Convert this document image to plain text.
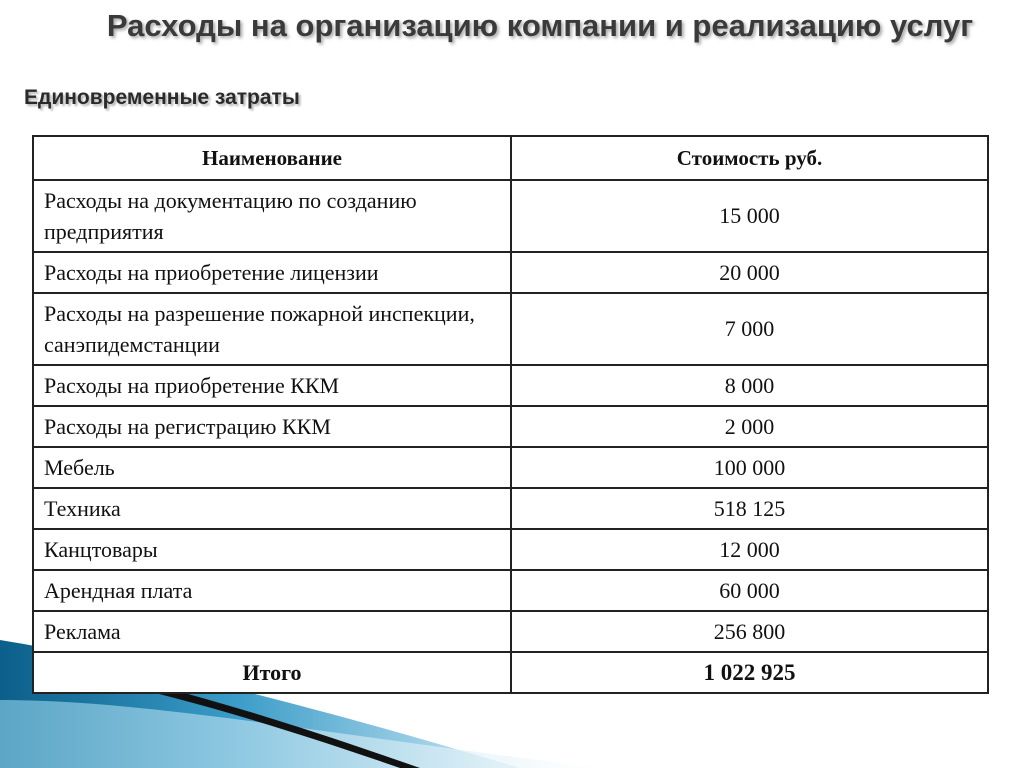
Расходы на организацию компании и реализацию услуг
Единовременные затраты
Наименование	Стоимость руб.
Расходы на документацию по созданию предприятия	15 000
Расходы на приобретение лицензии	20 000
Расходы на разрешение пожарной инспекции, санэпидемстанции	7 000
Расходы на приобретение ККМ	8 000
Расходы на регистрацию ККМ	2 000
Мебель	100 000
Техника	518 125
Канцтовары	12 000
Арендная плата	60 000
Реклама	256 800
Итого	1 022 925
